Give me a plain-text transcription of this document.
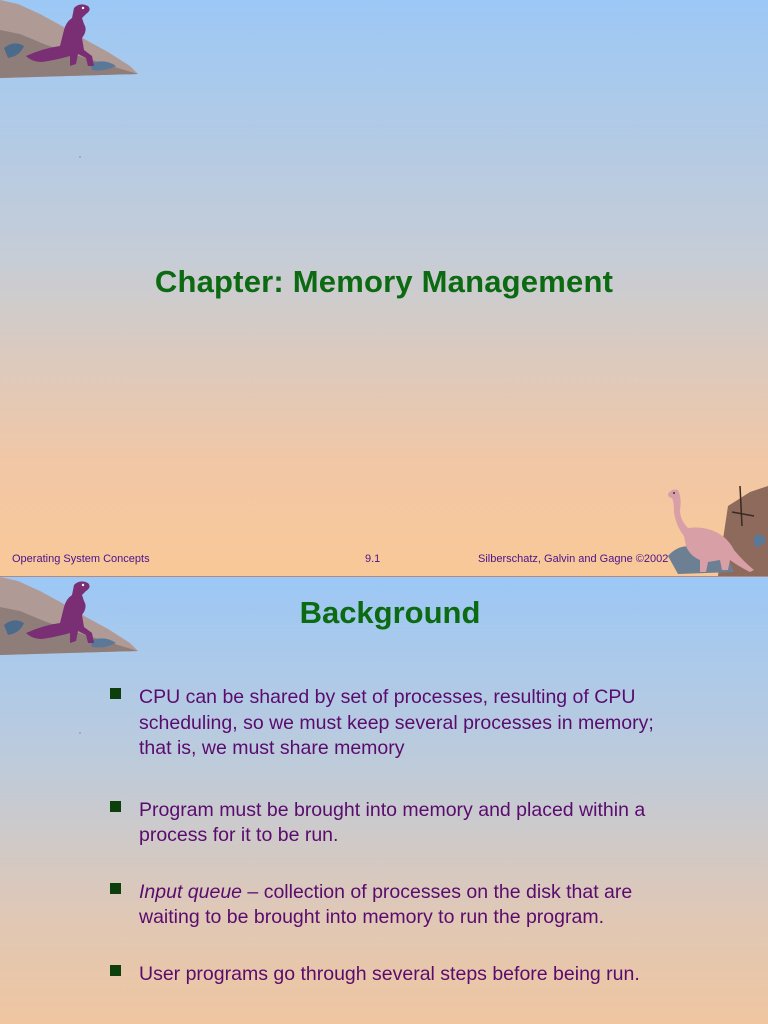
Chapter: Memory Management
Operating System Concepts	9.1	Silberschatz, Galvin and Gagne ©2002
Background
CPU can be shared by set of processes, resulting of CPU scheduling, so we must keep several processes in memory; that is, we must share memory
Program must be brought into memory and placed within a process for it to be run.
Input queue – collection of processes on the disk that are waiting to be brought into memory to run the program.
User programs go through several steps before being run.
